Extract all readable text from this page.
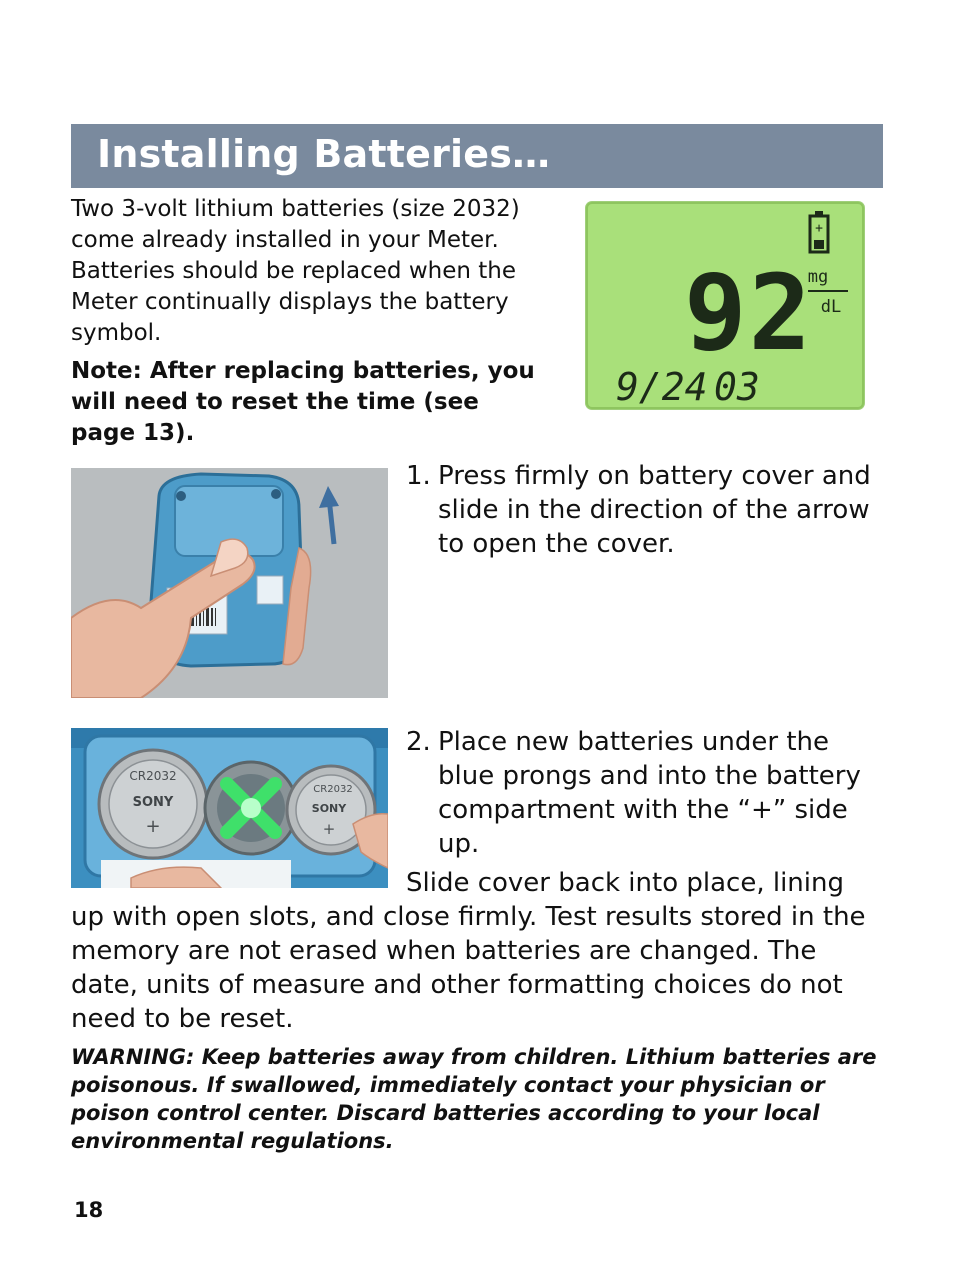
Installing Batteries…

Two 3-volt lithium batteries (size 2032) come already installed in your Meter. Batteries should be replaced when the Meter continually displays the battery symbol.

Note: After replacing batteries, you will need to reset the time (see page 13).

+
92
mg
dL
9/24 03
1. Press firmly on battery cover and slide in the direction of the arrow to open the cover.
CR2032
SONY
+
CR2032
SONY
+
2. Place new batteries under the blue prongs and into the battery compartment with the “+” side up.

Slide cover back into place, lining

up with open slots, and close firmly. Test results stored in the memory are not erased when batteries are changed. The date, units of measure and other formatting choices do not need to be reset.

WARNING: Keep batteries away from children. Lithium batteries are poisonous. If swallowed, immediately contact your physician or poison control center. Discard batteries according to your local environmental regulations.

18
